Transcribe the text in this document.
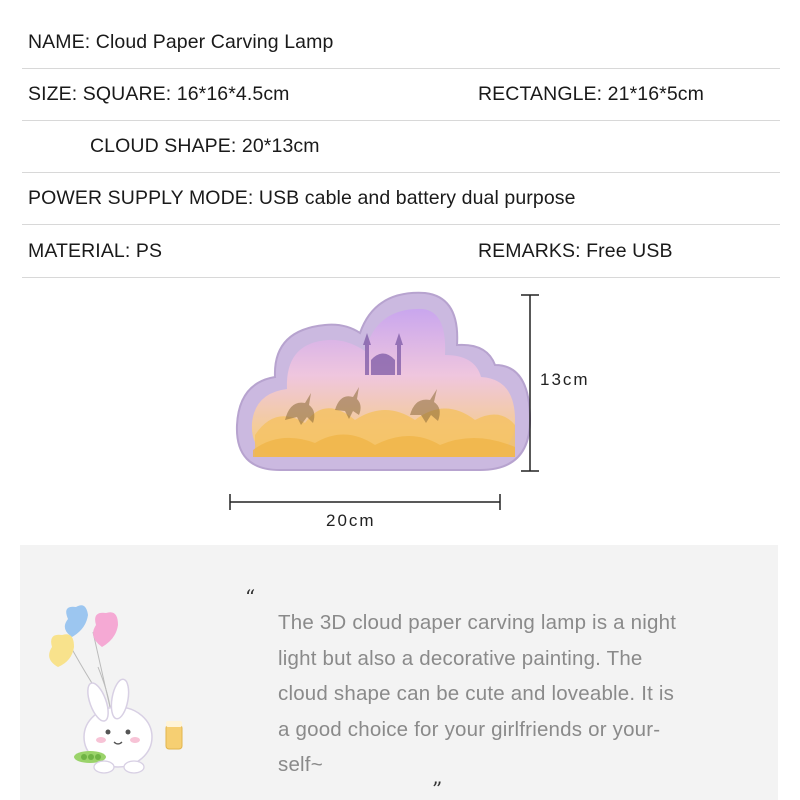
NAME: Cloud Paper Carving Lamp
SIZE: SQUARE: 16*16*4.5cm	RECTANGLE: 21*16*5cm
CLOUD SHAPE: 20*13cm
POWER SUPPLY MODE: USB cable and battery dual purpose
MATERIAL: PS	REMARKS: Free USB
13cm
20cm
“
The 3D cloud paper carving lamp is a night
light but also a decorative painting. The
cloud shape can be cute and loveable. It is
a good choice for your girlfriends or your-
self~
”
